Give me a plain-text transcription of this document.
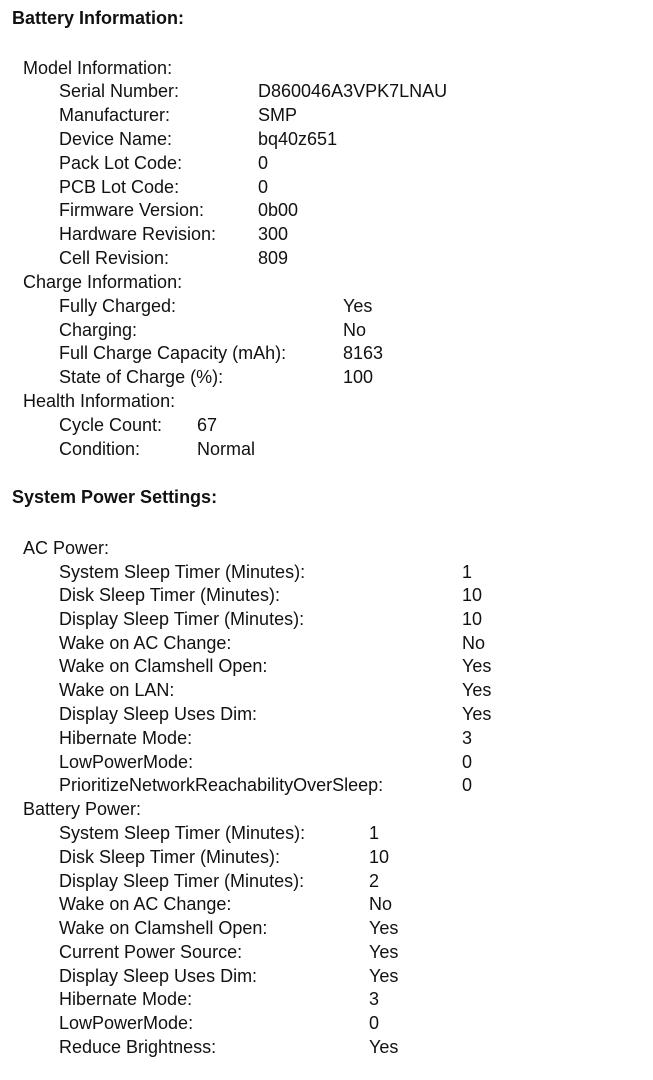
Battery Information:
Model Information:
Serial Number:	D860046A3VPK7LNAU
Manufacturer:	SMP
Device Name:	bq40z651
Pack Lot Code:	0
PCB Lot Code:	0
Firmware Version:	0b00
Hardware Revision: 300
Cell Revision:	809
Charge Information:
Fully Charged:	Yes
Charging:	No
Full Charge Capacity (mAh):	8163
State of Charge (%):	100
Health Information:
Cycle Count: 67
Condition:	Normal
System Power Settings:
AC Power:
System Sleep Timer (Minutes):	1
Disk Sleep Timer (Minutes):	10
Display Sleep Timer (Minutes):	10
Wake on AC Change:	No
Wake on Clamshell Open:	Yes
Wake on LAN:	Yes
Display Sleep Uses Dim:	Yes
Hibernate Mode:	3
LowPowerMode:	0
PrioritizeNetworkReachabilityOverSleep:	0
Battery Power:
System Sleep Timer (Minutes):	1
Disk Sleep Timer (Minutes):	10
Display Sleep Timer (Minutes):	2
Wake on AC Change:	No
Wake on Clamshell Open:	Yes
Current Power Source:	Yes
Display Sleep Uses Dim:	Yes
Hibernate Mode:	3
LowPowerMode:	0
Reduce Brightness:	Yes
